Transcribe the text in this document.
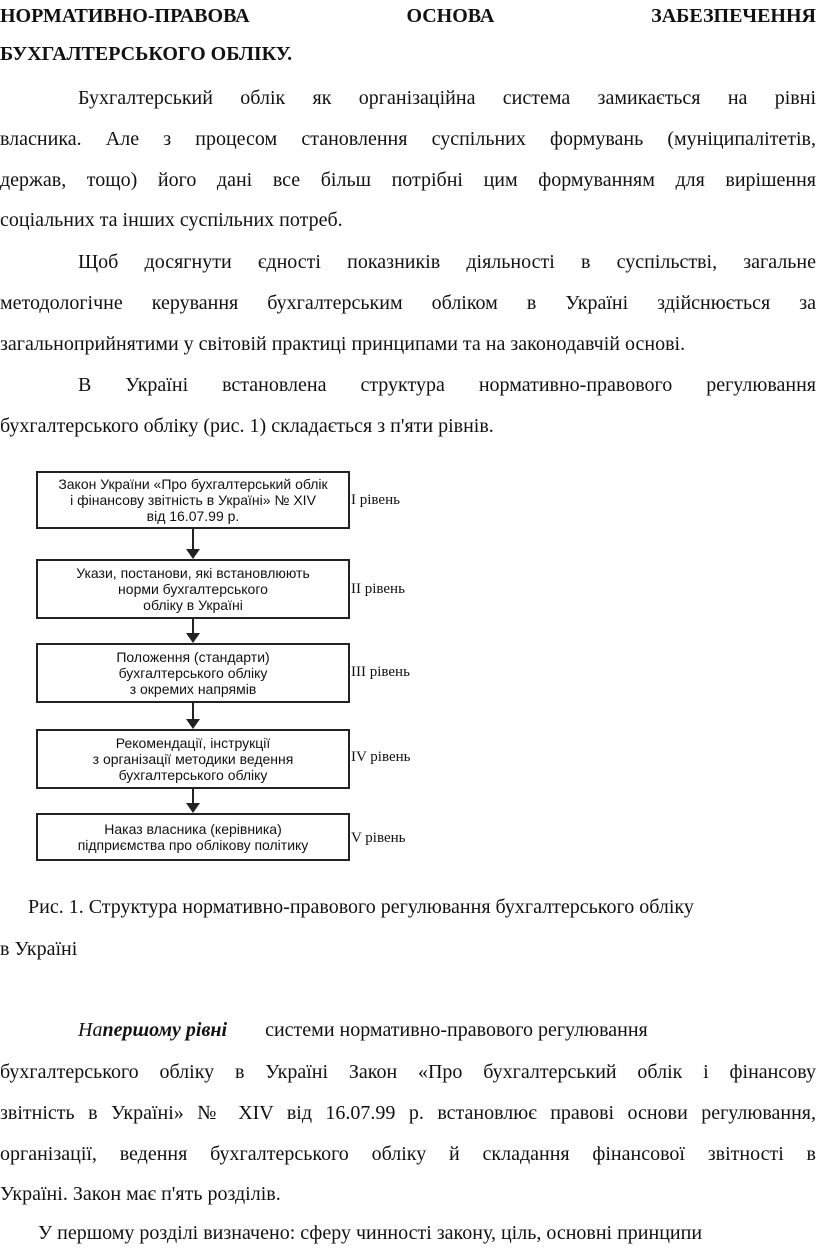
НОРМАТИВНО-ПРАВОВА	ОСНОВА	ЗАБЕЗПЕЧЕННЯ
БУХГАЛТЕРСЬКОГО ОБЛІКУ.
Бухгалтерський облік як організаційна система замикається на рівні
власника. Але з процесом становлення суспільних формувань (муніципалітетів,
держав, тощо) його дані все більш потрібні цим формуванням для вирішення
соціальних та інших суспільних потреб.
Щоб досягнути єдності показників діяльності в суспільстві, загальне
методологічне керування бухгалтерським обліком в Україні здійснюється за
загальноприйнятими у світовій практиці принципами та на законодавчій основі.
В Україні встановлена структура нормативно-правового регулювання
бухгалтерського обліку (рис. 1) складається з п'яти рівнів.
Закон України «Про бухгалтерський облік
і фінансову звітність в Україні» № XIV
від 16.07.99 р.
I рівень
Укази, постанови, які встановлюють
норми бухгалтерського
обліку в Україні
II рівень
Положення (стандарти)
бухгалтерського обліку
з окремих напрямів
III рівень
Рекомендації, інструкції
з організації методики ведення
бухгалтерського обліку
IV рівень
Наказ власника (керівника)
підприємства про облікову політику	V рівень
Рис. 1. Структура нормативно-правового регулювання бухгалтерського обліку
в Україні
На першому рівні	системи нормативно-правового регулювання
бухгалтерського обліку в Україні Закон «Про бухгалтерський облік і фінансову
звітність в Україні» № XIV від 16.07.99 р. встановлює правові основи регулювання,
організації, ведення бухгалтерського обліку й складання фінансової звітності в
Україні. Закон має п'ять розділів.
У першому розділі визначено: сферу чинності закону, ціль, основні принципи
